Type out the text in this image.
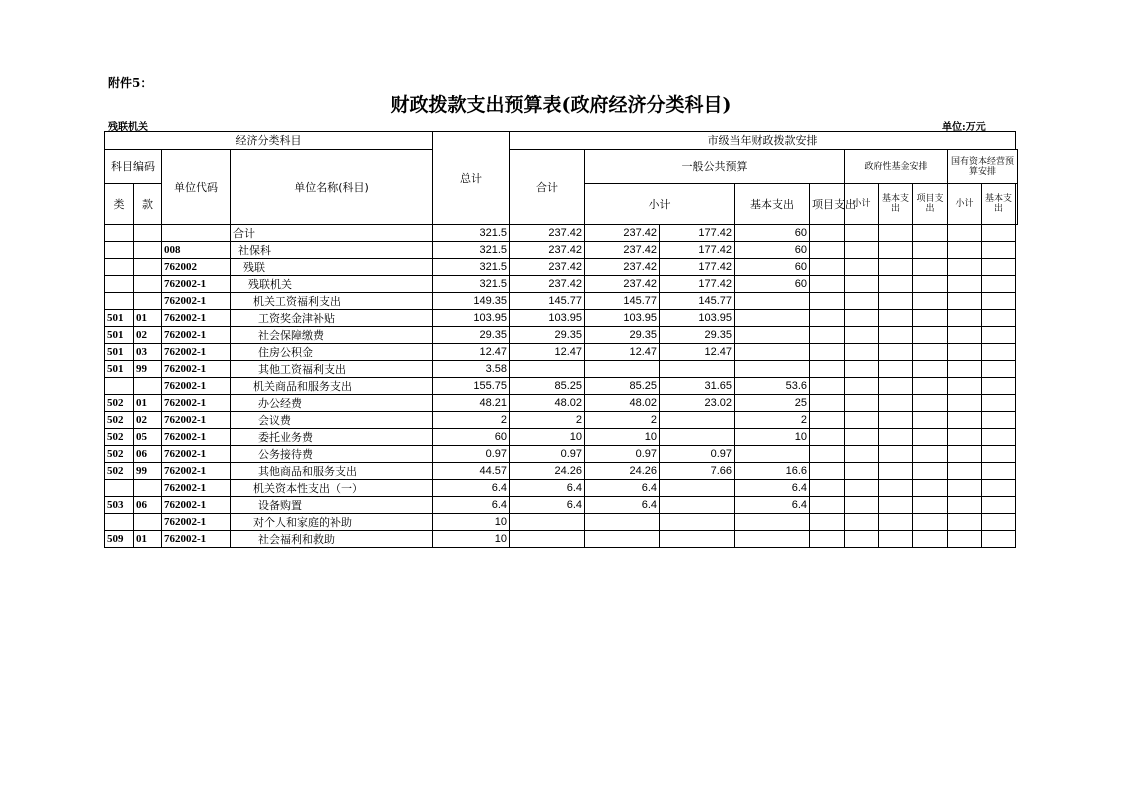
附件5：
财政拨款支出预算表(政府经济分类科目)
残联机关	单位:万元
经济分类科目				总计	市级当年财政拨款安排										
科目编码		单位代码	单位名称(科目)		合计	一般公共预算				政府性基金安排			国有资本经营预算安排		
类	款					小计		基本支出	项目支出	小计	基本支出	项目支出	小计	基本支出	

			合计	321.5	237.42	237.42	177.42	60							
		008	社保科	321.5	237.42	237.42	177.42	60							
		762002	残联	321.5	237.42	237.42	177.42	60							
		762002-1	残联机关	321.5	237.42	237.42	177.42	60							
		762002-1	机关工资福利支出	149.35	145.77	145.77	145.77								
501	01	762002-1	工资奖金津补贴	103.95	103.95	103.95	103.95								
501	02	762002-1	社会保障缴费	29.35	29.35	29.35	29.35								
501	03	762002-1	住房公积金	12.47	12.47	12.47	12.47								
501	99	762002-1	其他工资福利支出	3.58											
		762002-1	机关商品和服务支出	155.75	85.25	85.25	31.65	53.6							
502	01	762002-1	办公经费	48.21	48.02	48.02	23.02	25							
502	02	762002-1	会议费	2	2	2		2							
502	05	762002-1	委托业务费	60	10	10		10							
502	06	762002-1	公务接待费	0.97	0.97	0.97	0.97								
502	99	762002-1	其他商品和服务支出	44.57	24.26	24.26	7.66	16.6							
		762002-1	机关资本性支出（一）	6.4	6.4	6.4		6.4							
503	06	762002-1	设备购置	6.4	6.4	6.4		6.4							
		762002-1	对个人和家庭的补助	10											
509	01	762002-1	社会福利和救助	10											
